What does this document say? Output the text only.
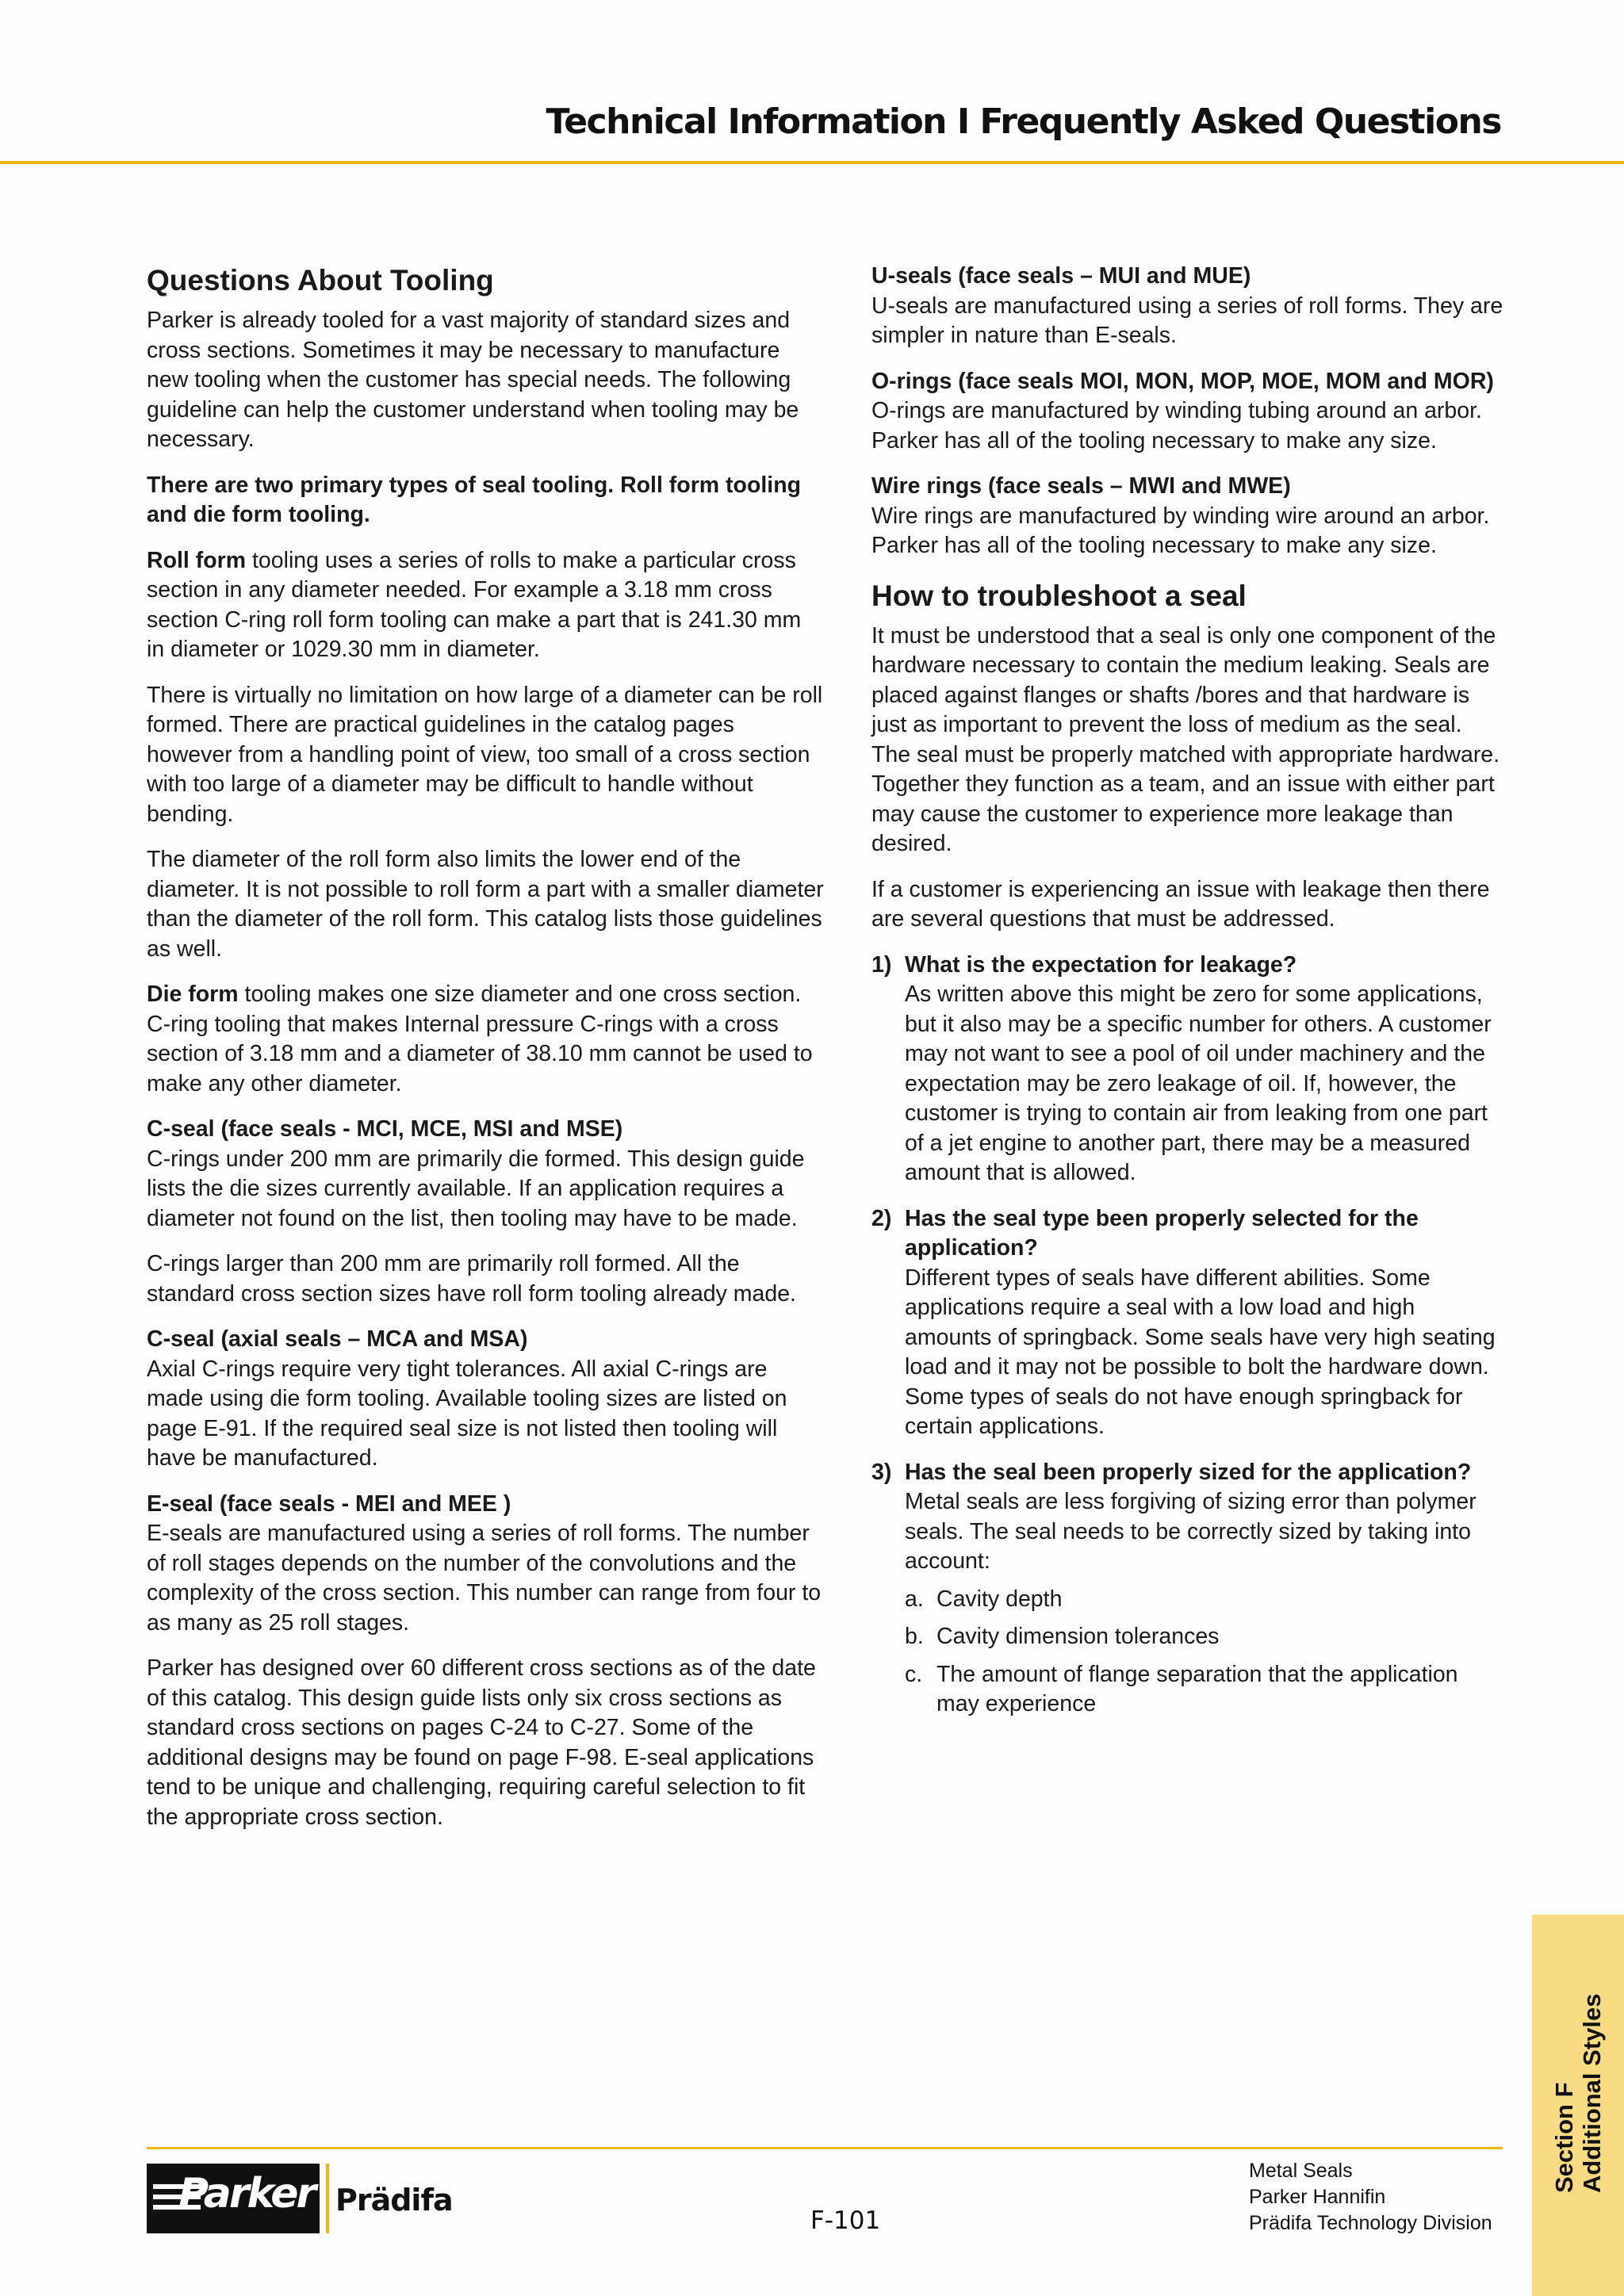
Technical Information I Frequently Asked Questions
Questions About Tooling

Parker is already tooled for a vast majority of standard sizes and cross sections. Sometimes it may be necessary to manufacture new tooling when the customer has special needs. The following guideline can help the customer understand when tooling may be necessary.

There are two primary types of seal tooling. Roll form tooling and die form tooling.

Roll form tooling uses a series of rolls to make a particular cross section in any diameter needed. For example a 3.18 mm cross section C-ring roll form tooling can make a part that is 241.30 mm in diameter or 1029.30 mm in diameter.

There is virtually no limitation on how large of a diameter can be roll formed. There are practical guidelines in the catalog pages however from a handling point of view, too small of a cross section with too large of a diameter may be difficult to handle without bending.

The diameter of the roll form also limits the lower end of the diameter. It is not possible to roll form a part with a smaller diameter than the diameter of the roll form. This catalog lists those guidelines as well.

Die form tooling makes one size diameter and one cross section. C-ring tooling that makes Internal pressure C-rings with a cross section of 3.18 mm and a diameter of 38.10 mm cannot be used to make any other diameter.

C-seal (face seals - MCI, MCE, MSI and MSE)
C-rings under 200 mm are primarily die formed. This design guide lists the die sizes currently available. If an application requires a diameter not found on the list, then tooling may have to be made.

C-rings larger than 200 mm are primarily roll formed. All the standard cross section sizes have roll form tooling already made.

C-seal (axial seals – MCA and MSA)
Axial C-rings require very tight tolerances. All axial C-rings are made using die form tooling. Available tooling sizes are listed on page E-91. If the required seal size is not listed then tooling will have be manufactured.
E-seal (face seals - MEI and MEE )
E-seals are manufactured using a series of roll forms. The number of roll stages depends on the number of the convolutions and the complexity of the cross section. This number can range from four to as many as 25 roll stages.

Parker has designed over 60 different cross sections as of the date of this catalog. This design guide lists only six cross sections as standard cross sections on pages C-24 to C-27. Some of the additional designs may be found on page F-98. E-seal applications tend to be unique and challenging, requiring careful selection to fit the appropriate cross section.

U-seals (face seals – MUI and MUE)
U-seals are manufactured using a series of roll forms. They are simpler in nature than E-seals.
O-rings (face seals MOI, MON, MOP, MOE, MOM and MOR)
O-rings are manufactured by winding tubing around an arbor. Parker has all of the tooling necessary to make any size.
Wire rings (face seals – MWI and MWE)
Wire rings are manufactured by winding wire around an arbor.
Parker has all of the tooling necessary to make any size.
How to troubleshoot a seal

It must be understood that a seal is only one component of the hardware necessary to contain the medium leaking. Seals are placed against flanges or shafts /bores and that hardware is just as important to prevent the loss of medium as the seal. The seal must be properly matched with appropriate hardware. Together they function as a team, and an issue with either part may cause the customer to experience more leakage than desired.

If a customer is experiencing an issue with leakage then there are several questions that must be addressed.

1) What is the expectation for leakage?
As written above this might be zero for some applications, but it also may be a specific number for others. A customer may not want to see a pool of oil under machinery and the expectation may be zero leakage of oil. If, however, the customer is trying to contain air from leaking from one part of a jet engine to another part, there may be a measured amount that is allowed.
2) Has the seal type been properly selected for the application?
Different types of seals have different abilities. Some applications require a seal with a low load and high amounts of springback. Some seals have very high seating load and it may not be possible to bolt the hardware down. Some types of seals do not have enough springback for certain applications.
3) Has the seal been properly sized for the application?
Metal seals are less forgiving of sizing error than polymer seals. The seal needs to be correctly sized by taking into account:
a. Cavity depth
b. Cavity dimension tolerances
c. The amount of flange separation that the application may experience
Section F Additional Styles
Parker Prädifa
F-101
Metal Seals
Parker Hannifin
Prädifa Technology Division
